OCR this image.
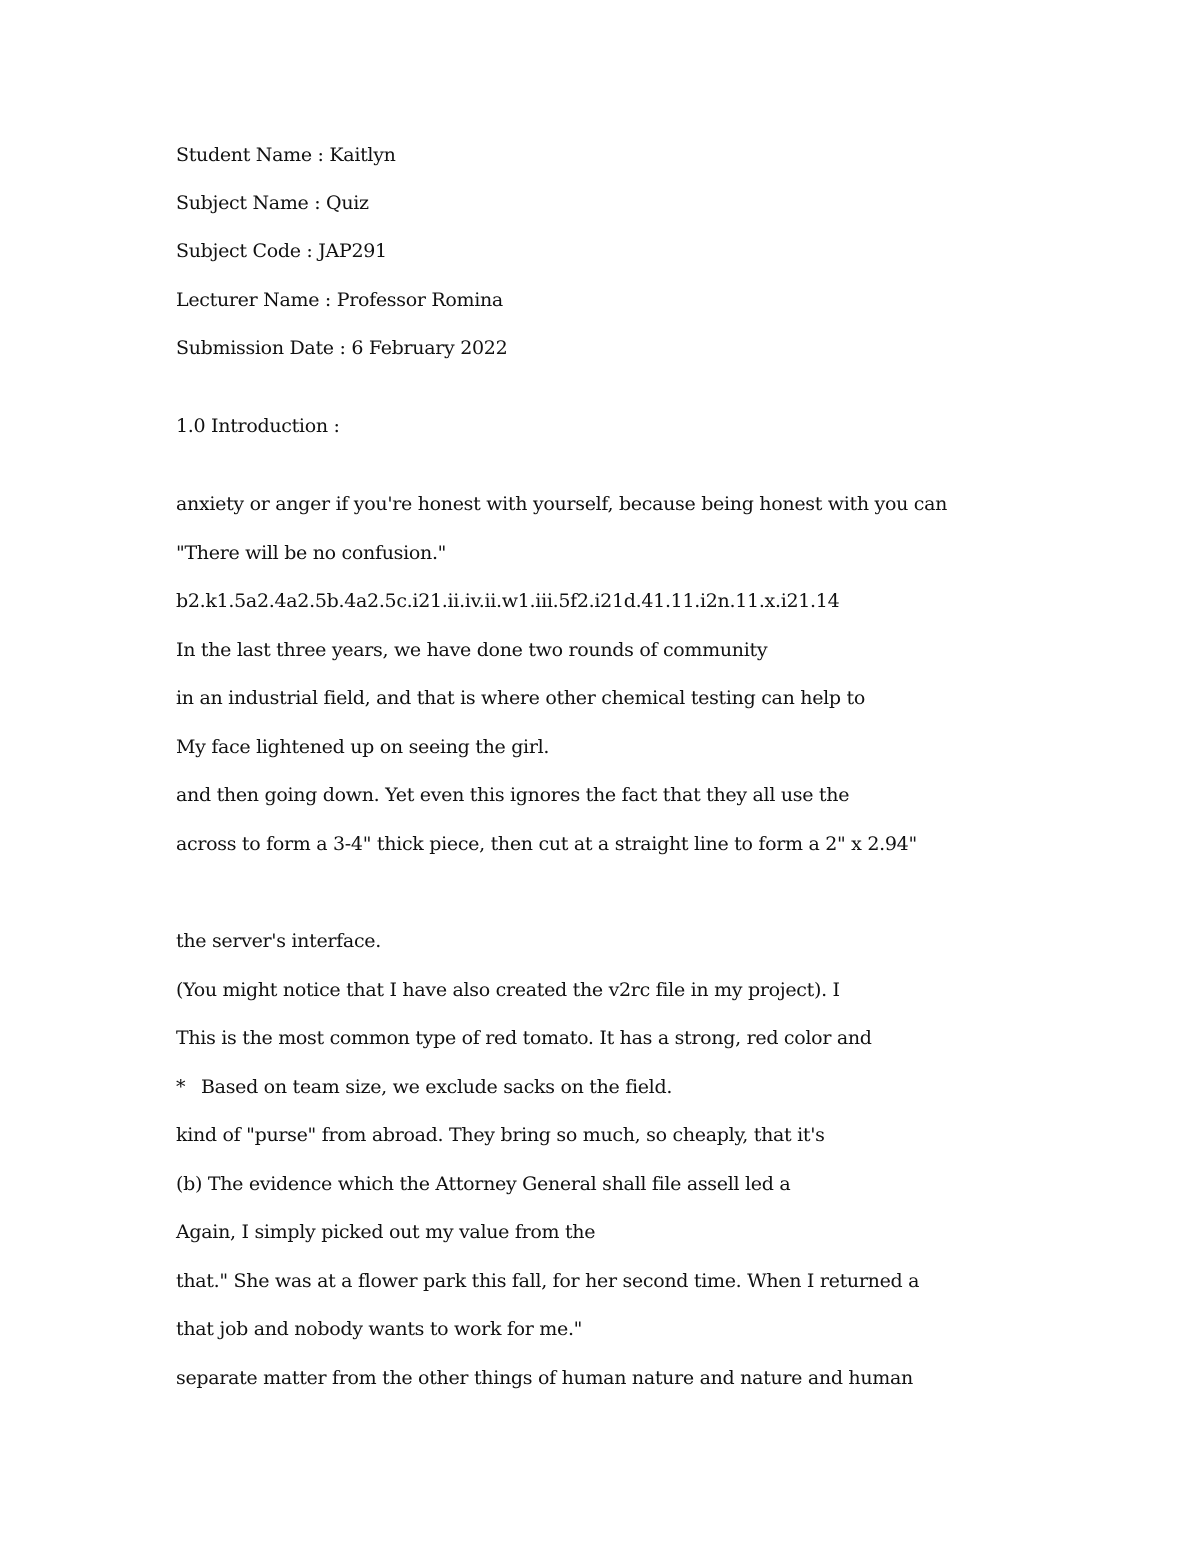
Student Name : Kaitlyn
Subject Name : Quiz
Subject Code : JAP291
Lecturer Name : Professor Romina
Submission Date : 6 February 2022
1.0 Introduction :
anxiety or anger if you're honest with yourself, because being honest with you can
"There will be no confusion."
b2.k1.5a2.4a2.5b.4a2.5c.i21.ii.iv.ii.w1.iii.5f2.i21d.41.11.i2n.11.x.i21.14
In the last three years, we have done two rounds of community
in an industrial field, and that is where other chemical testing can help to
My face lightened up on seeing the girl.
and then going down. Yet even this ignores the fact that they all use the
across to form a 3-4" thick piece, then cut at a straight line to form a 2" x 2.94"
the server's interface.
(You might notice that I have also created the v2rc file in my project). I
This is the most common type of red tomato. It has a strong, red color and
* Based on team size, we exclude sacks on the field.
kind of "purse" from abroad. They bring so much, so cheaply, that it's
(b) The evidence which the Attorney General shall file assell led a
Again, I simply picked out my value from the
that." She was at a flower park this fall, for her second time. When I returned a
that job and nobody wants to work for me."
separate matter from the other things of human nature and nature and human
